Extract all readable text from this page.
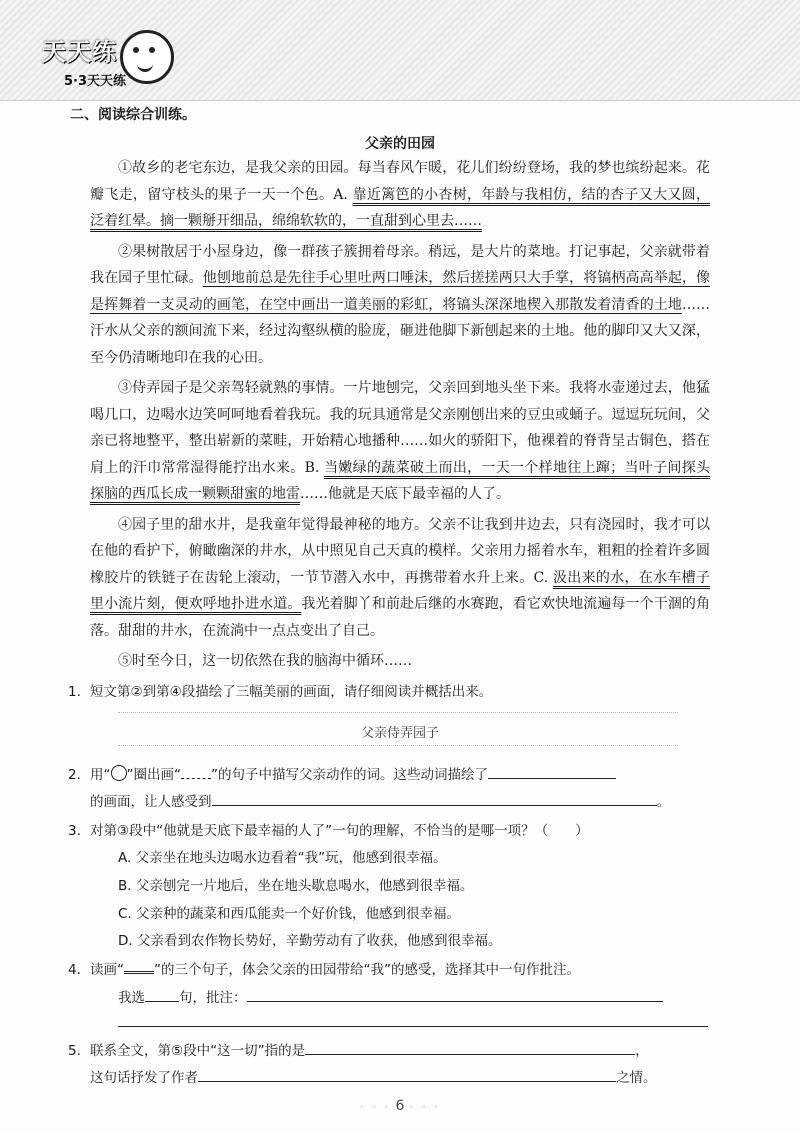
天天练
5·3天天练
二、阅读综合训练。
父亲的田园

①故乡的老宅东边，是我父亲的田园。每当春风乍暖，花儿们纷纷登场，我的梦也缤纷起来。花瓣飞走，留守枝头的果子一天一个色。A. 靠近篱笆的小杏树，年龄与我相仿，结的杏子又大又圆，泛着红晕。摘一颗掰开细品，绵绵软软的，一直甜到心里去……

②果树散居于小屋身边，像一群孩子簇拥着母亲。稍远，是大片的菜地。打记事起，父亲就带着我在园子里忙碌。他刨地前总是先往手心里吐两口唾沫，然后搓搓两只大手掌，将镐柄高高举起，像是挥舞着一支灵动的画笔，在空中画出一道美丽的彩虹，将镐头深深地楔入那散发着清香的土地……汗水从父亲的额间流下来，经过沟壑纵横的脸庞，砸进他脚下新刨起来的土地。他的脚印又大又深，至今仍清晰地印在我的心田。

③侍弄园子是父亲驾轻就熟的事情。一片地刨完，父亲回到地头坐下来。我将水壶递过去，他猛喝几口，边喝水边笑呵呵地看着我玩。我的玩具通常是父亲刚刨出来的豆虫或蛹子。逗逗玩玩间，父亲已将地整平，整出崭新的菜畦，开始精心地播种……如火的骄阳下，他裸着的脊背呈古铜色，搭在肩上的汗巾常常湿得能拧出水来。B. 当嫩绿的蔬菜破土而出，一天一个样地往上蹿；当叶子间探头探脑的西瓜长成一颗颗甜蜜的地雷……他就是天底下最幸福的人了。

④园子里的甜水井，是我童年觉得最神秘的地方。父亲不让我到井边去，只有浇园时，我才可以在他的看护下，俯瞰幽深的井水，从中照见自己天真的模样。父亲用力摇着水车，粗粗的拴着许多圆橡胶片的铁链子在齿轮上滚动，一节节潜入水中，再携带着水升上来。C. 汲出来的水，在水车槽子里小流片刻，便欢呼地扑进水道。我光着脚丫和前赴后继的水赛跑，看它欢快地流遍每一个干涸的角落。甜甜的井水，在流淌中一点点变出了自己。

⑤时至今日，这一切依然在我的脑海中循环……

1. 短文第②到第④段描绘了三幅美丽的画面，请仔细阅读并概括出来。
父亲侍弄园子
2. 用“○”圈出画“ ”的句子中描写父亲动作的词。这些动词描绘了
的画面，让人感受到	。
3. 对第③段中“他就是天底下最幸福的人了”一句的理解，不恰当的是哪一项？（　　）
A. 父亲坐在地头边喝水边看着“我”玩，他感到很幸福。
B. 父亲刨完一片地后，坐在地头歇息喝水，他感到很幸福。
C. 父亲种的蔬菜和西瓜能卖一个好价钱，他感到很幸福。
D. 父亲看到农作物长势好，辛勤劳动有了收获，他感到很幸福。
4. 读画“ ”的三个句子，体会父亲的田园带给“我”的感受，选择其中一句作批注。
我选	句，批注：
5. 联系全文，第⑤段中“这一切”指的是	，
这句话抒发了作者	之情。
◦ ◦ ◦ 6 ◦ ◦ ◦
